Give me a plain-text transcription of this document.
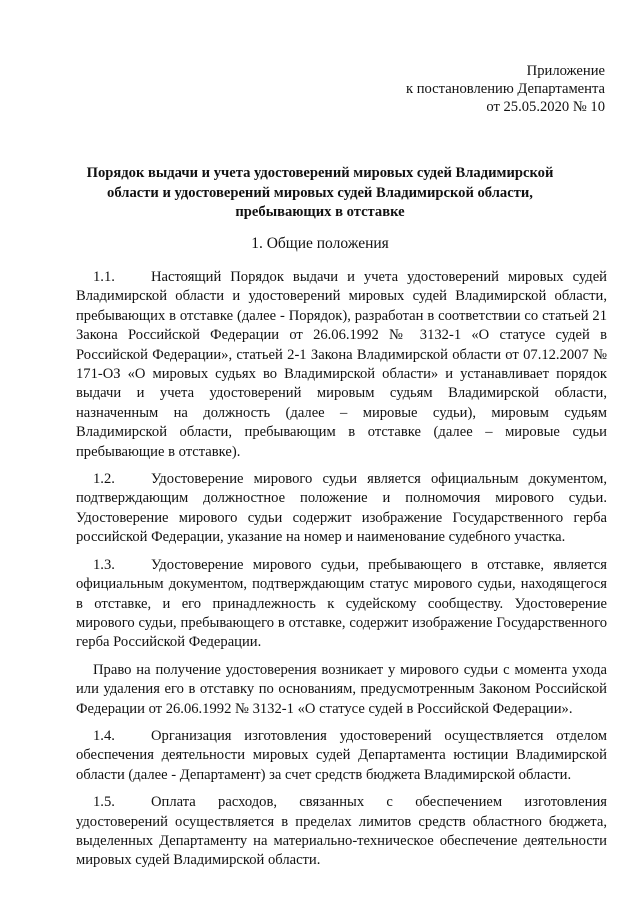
Приложение
к постановлению Департамента
от 25.05.2020 № 10
Порядок выдачи и учета удостоверений мировых судей Владимирской
области и удостоверений мировых судей Владимирской области,
пребывающих в отставке
1. Общие положения

1.1. Настоящий Порядок выдачи и учета удостоверений мировых судей Владимирской области и удостоверений мировых судей Владимирской области, пребывающих в отставке (далее - Порядок), разработан в соответствии со статьей 21 Закона Российской Федерации от 26.06.1992 № 3132-1 «О статусе судей в Российской Федерации», статьей 2-1 Закона Владимирской области от 07.12.2007 № 171-ОЗ «О мировых судьях во Владимирской области» и устанавливает порядок выдачи и учета удостоверений мировым судьям Владимирской области, назначенным на должность (далее – мировые судьи), мировым судьям Владимирской области, пребывающим в отставке (далее – мировые судьи пребывающие в отставке).

1.2. Удостоверение мирового судьи является официальным документом, подтверждающим должностное положение и полномочия мирового судьи. Удостоверение мирового судьи содержит изображение Государственного герба российской Федерации, указание на номер и наименование судебного участка.

1.3. Удостоверение мирового судьи, пребывающего в отставке, является официальным документом, подтверждающим статус мирового судьи, находящегося в отставке, и его принадлежность к судейскому сообществу. Удостоверение мирового судьи, пребывающего в отставке, содержит изображение Государственного герба Российской Федерации.

Право на получение удостоверения возникает у мирового судьи с момента ухода или удаления его в отставку по основаниям, предусмотренным Законом Российской Федерации от 26.06.1992 № 3132-1 «О статусе судей в Российской Федерации».

1.4. Организация изготовления удостоверений осуществляется отделом обеспечения деятельности мировых судей Департамента юстиции Владимирской области (далее - Департамент) за счет средств бюджета Владимирской области.

1.5. Оплата расходов, связанных с обеспечением изготовления удостоверений осуществляется в пределах лимитов средств областного бюджета, выделенных Департаменту на материально-техническое обеспечение деятельности мировых судей Владимирской области.
